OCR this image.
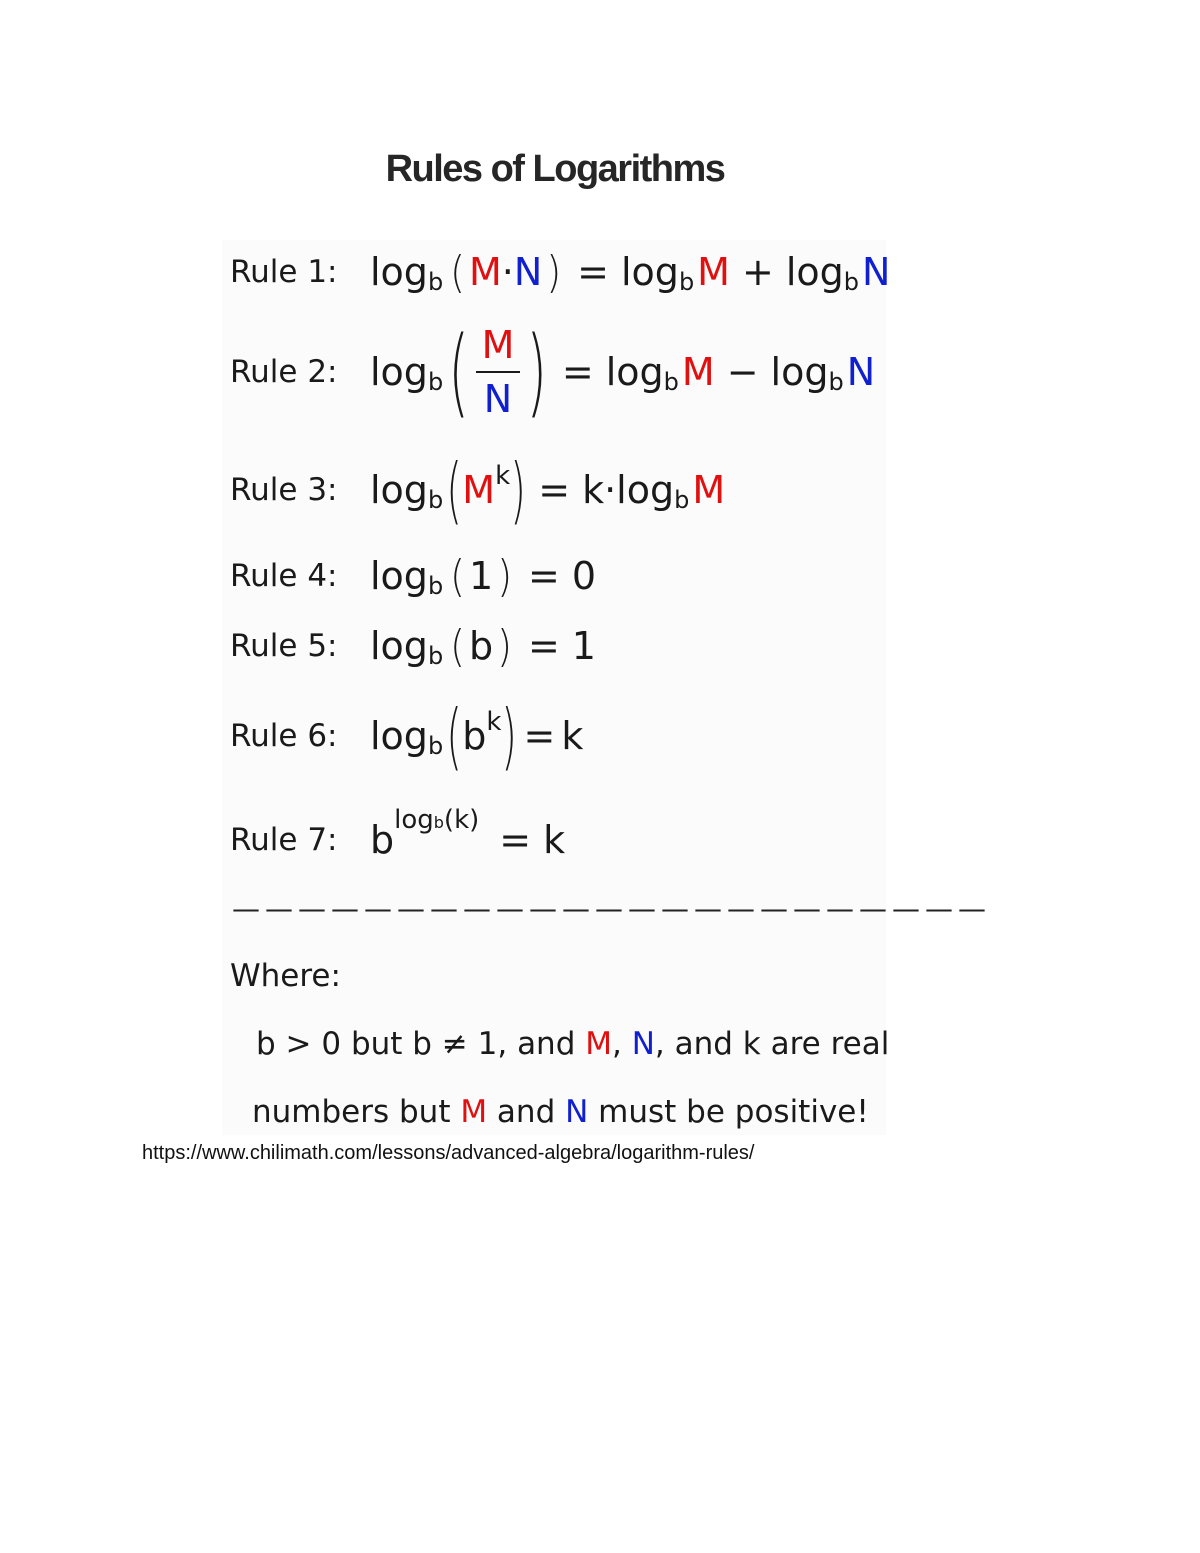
Rules of Logarithms
Rule 1: log b ( M · N ) = log b M + log b N
Rule 2: log b ( $\frac{M}{N}$ ) = log b M − log b N
Rule 3: log b ( M k ) = k·log b M
Rule 4: log b ( 1 ) = 0
Rule 5: log b ( b ) = 1
Rule 6: log b ( b k ) = k
Rule 7: b logb(k) = k
———————————————————————
Where:
b > 0 but b ≠ 1, and M, N, and k are real
numbers but M and N must be positive!
https://www.chilimath.com/lessons/advanced-algebra/logarithm-rules/
